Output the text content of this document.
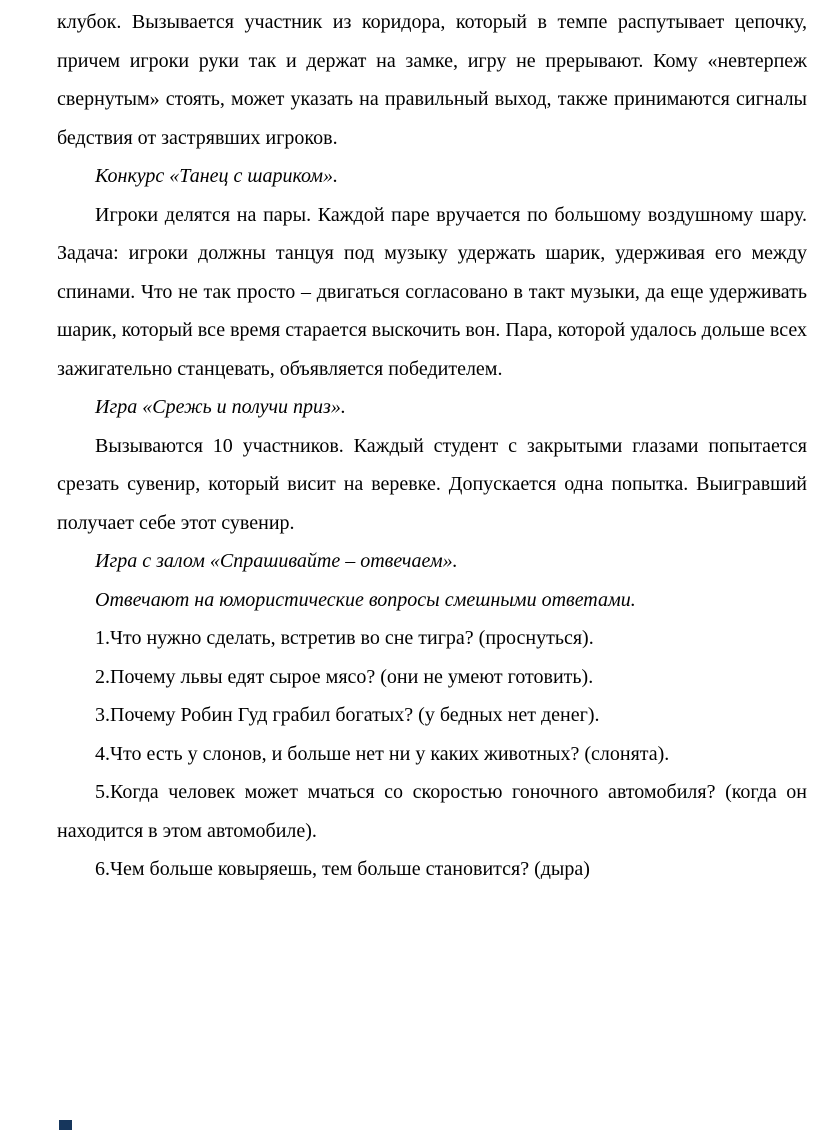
клубок. Вызывается участник из коридора, который в темпе распутывает цепочку, причем игроки руки так и держат на замке, игру не прерывают. Кому «невтерпеж свернутым» стоять, может указать на правильный выход, также принимаются сигналы бедствия от застрявших игроков.

Конкурс «Танец с шариком».

Игроки делятся на пары. Каждой паре вручается по большому воздушному шару. Задача: игроки должны танцуя под музыку удержать шарик, удерживая его между спинами. Что не так просто – двигаться согласовано в такт музыки, да еще удерживать шарик, который все время старается выскочить вон. Пара, которой удалось дольше всех зажигательно станцевать, объявляется победителем.

Игра «Срежь и получи приз».

Вызываются 10 участников. Каждый студент с закрытыми глазами попытается срезать сувенир, который висит на веревке. Допускается одна попытка. Выигравший получает себе этот сувенир.

Игра с залом «Спрашивайте – отвечаем».

Отвечают на юмористические вопросы смешными ответами.

1.Что нужно сделать, встретив во сне тигра? (проснуться).

2.Почему львы едят сырое мясо? (они не умеют готовить).

3.Почему Робин Гуд грабил богатых? (у бедных нет денег).

4.Что есть у слонов, и больше нет ни у каких животных? (слонята).

5.Когда человек может мчаться со скоростью гоночного автомобиля? (когда он находится в этом автомобиле).

6.Чем больше ковыряешь, тем больше становится? (дыра)
